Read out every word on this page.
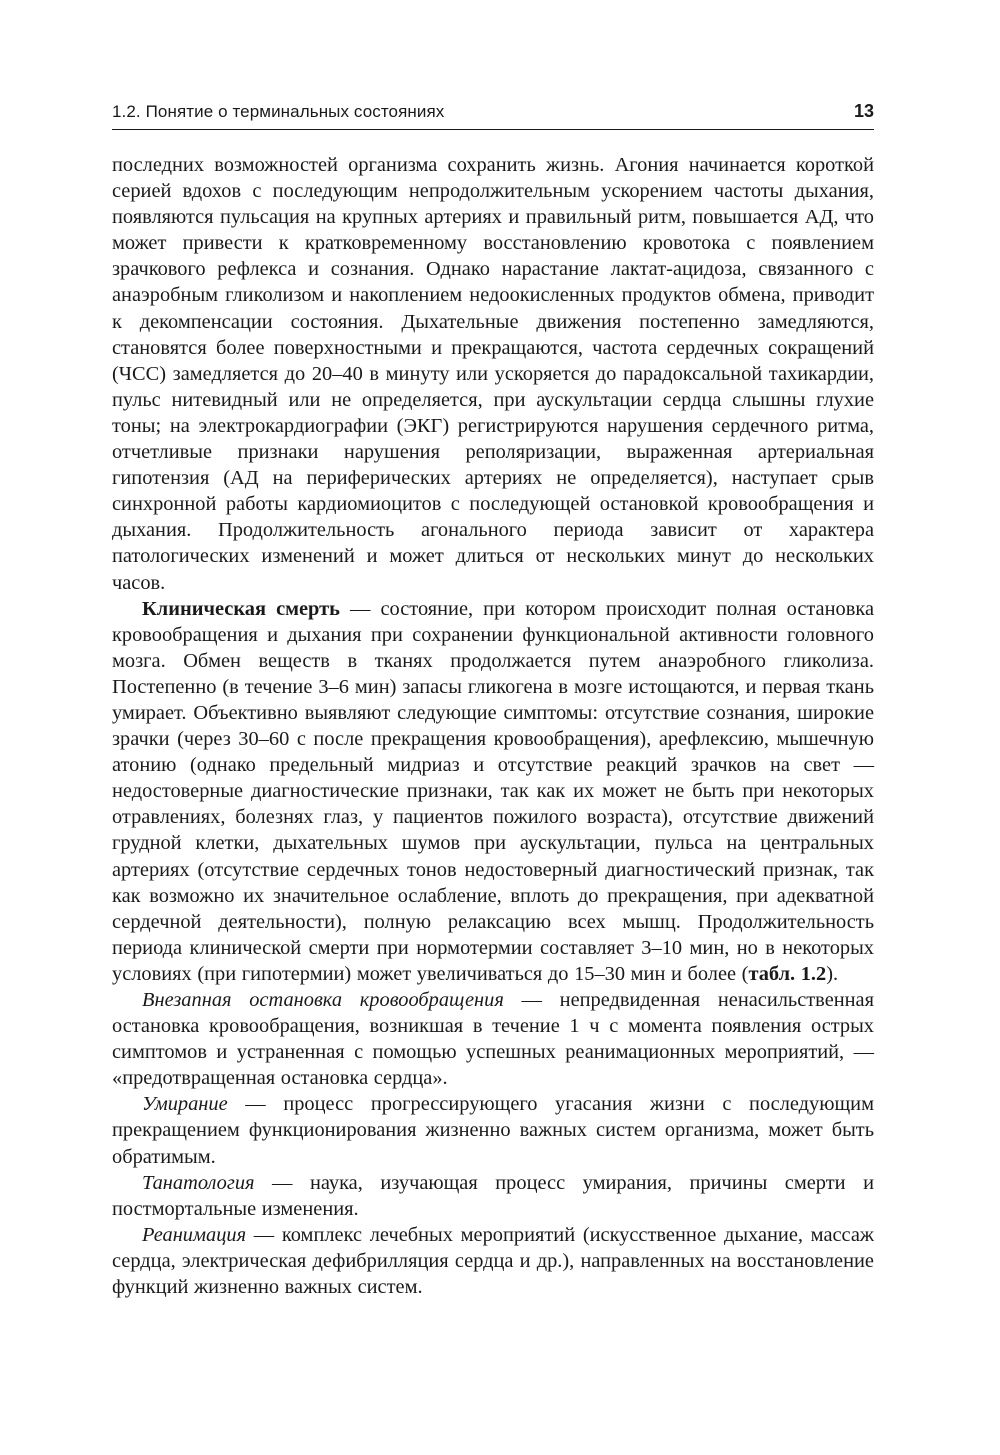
1.2. Понятие о терминальных состояниях	13

последних возможностей организма сохранить жизнь. Агония начинается короткой серией вдохов с последующим непродолжительным ускорением частоты дыхания, появляются пульсация на крупных артериях и правильный ритм, повышается АД, что может привести к кратковременному восстановлению кровотока с появлением зрачкового рефлекса и сознания. Однако нарастание лактат-ацидоза, связанного с анаэробным гликолизом и накоплением недоокисленных продуктов обмена, приводит к декомпенсации состояния. Дыхательные движения постепенно замедляются, становятся более поверхностными и прекращаются, частота сердечных сокращений (ЧСС) замедляется до 20–40 в минуту или ускоряется до парадоксальной тахикардии, пульс нитевидный или не определяется, при аускультации сердца слышны глухие тоны; на электрокардиографии (ЭКГ) регистрируются нарушения сердечного ритма, отчетливые признаки нарушения реполяризации, выраженная артериальная гипотензия (АД на периферических артериях не определяется), наступает срыв синхронной работы кардиомиоцитов с последующей остановкой кровообращения и дыхания. Продолжительность агонального периода зависит от характера патологических изменений и может длиться от нескольких минут до нескольких часов.

Клиническая смерть — состояние, при котором происходит полная остановка кровообращения и дыхания при сохранении функциональной активности головного мозга. Обмен веществ в тканях продолжается путем анаэробного гликолиза. Постепенно (в течение 3–6 мин) запасы гликогена в мозге истощаются, и первая ткань умирает. Объективно выявляют следующие симптомы: отсутствие сознания, широкие зрачки (через 30–60 с после прекращения кровообращения), арефлексию, мышечную атонию (однако предельный мидриаз и отсутствие реакций зрачков на свет — недостоверные диагностические признаки, так как их может не быть при некоторых отравлениях, болезнях глаз, у пациентов пожилого возраста), отсутствие движений грудной клетки, дыхательных шумов при аускультации, пульса на центральных артериях (отсутствие сердечных тонов недостоверный диагностический признак, так как возможно их значительное ослабление, вплоть до прекращения, при адекватной сердечной деятельности), полную релаксацию всех мышц. Продолжительность периода клинической смерти при нормотермии составляет 3–10 мин, но в некоторых условиях (при гипотермии) может увеличиваться до 15–30 мин и более (табл. 1.2).

Внезапная остановка кровообращения — непредвиденная ненасильственная остановка кровообращения, возникшая в течение 1 ч с момента появления острых симптомов и устраненная с помощью успешных реанимационных мероприятий, — «предотвращенная остановка сердца».

Умирание — процесс прогрессирующего угасания жизни с последующим прекращением функционирования жизненно важных систем организма, может быть обратимым.

Танатология — наука, изучающая процесс умирания, причины смерти и постмортальные изменения.

Реанимация — комплекс лечебных мероприятий (искусственное дыхание, массаж сердца, электрическая дефибрилляция сердца и др.), направленных на восстановление функций жизненно важных систем.
